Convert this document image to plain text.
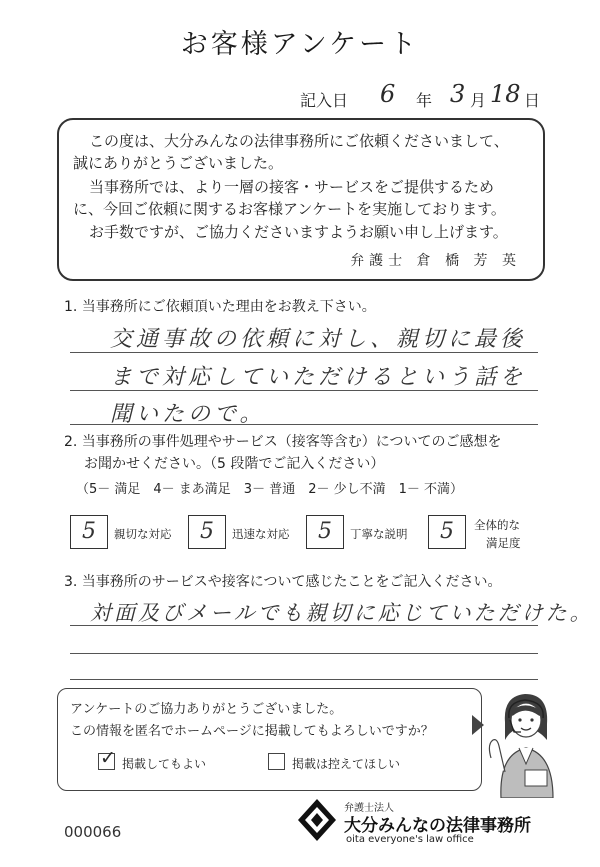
お客様アンケート
記入日 6 年 3 月 18 日

この度は、大分みんなの法律事務所にご依頼くださいまして、

誠にありがとうございました。

当事務所では、より一層の接客・サービスをご提供するため

に、今回ご依頼に関するお客様アンケートを実施しております。

お手数ですが、ご協力くださいますようお願い申し上げます。

弁護士 倉 橋 芳 英
1. 当事務所にご依頼頂いた理由をお教え下さい。
交通事故の依頼に対し、親切に最後
まで対応していただけるという話を
聞いたので。
2. 当事務所の事件処理やサービス（接客等含む）についてのご感想を
お聞かせください。（5 段階でご記入ください）
（5－ 満足　4－ まあ満足　3－ 普通　2－ 少し不満　1－ 不満）
5	親切な対応	5	迅速な対応	5	丁寧な説明	5	全体的な
満足度
3. 当事務所のサービスや接客について感じたことをご記入ください。
対面及びメールでも親切に応じていただけた。
アンケートのご協力ありがとうございました。
この情報を匿名でホームページに掲載してもよろしいですか？
✓ 掲載してもよい	掲載は控えてほしい
000066
弁護士法人
大分みんなの法律事務所
oita everyone's law office
